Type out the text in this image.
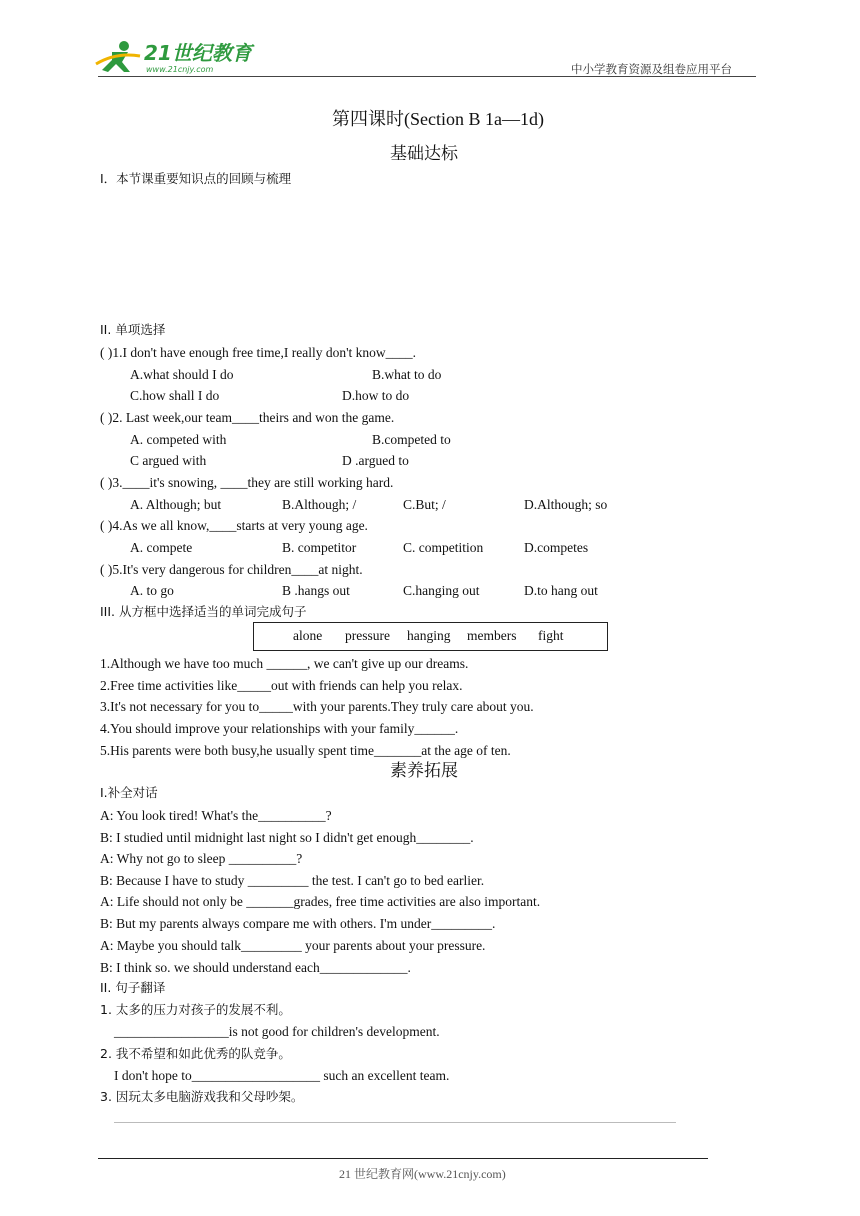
21世纪教育
www.21cnjy.com	中小学教育资源及组卷应用平台
第四课时(Section B 1a—1d)
基础达标
Ⅰ．本节课重要知识点的回顾与梳理
II. 单项选择
( )1.I don't have enough free time,I really don't know____.
A.what should I do	B.what to do
C.how shall I do	D.how to do
( )2. Last week,our team____theirs and won the game.
A. competed with	B.competed to
C argued with	D .argued to
( )3.____it's snowing, ____they are still working hard.
A. Although; but	B.Although; /	C.But; /	D.Although; so
( )4.As we all know,____starts at very young age.
A. compete	B. competitor	C. competition	D.competes
( )5.It's very dangerous for children____at night.
A. to go	B .hangs out	C.hanging out	D.to hang out
III. 从方框中选择适当的单词完成句子
alone pressure hanging members fight
1.Although we have too much ______, we can't give up our dreams.
2.Free time activities like_____out with friends can help you relax.
3.It's not necessary for you to_____with your parents.They truly care about you.
4.You should improve your relationships with your family______.
5.His parents were both busy,he usually spent time_______at the age of ten.
素养拓展
Ⅰ.补全对话
A: You look tired! What's the__________?
B: I studied until midnight last night so I didn't get enough________.
A: Why not go to sleep __________?
B: Because I have to study _________ the test. I can't go to bed earlier.
A: Life should not only be _______grades, free time activities are also important.
B: But my parents always compare me with others. I'm under_________.
A: Maybe you should talk_________ your parents about your pressure.
B: I think so. we should understand each_____________.
II. 句子翻译
1. 太多的压力对孩子的发展不利。
_________________is not good for children's development.
2. 我不希望和如此优秀的队竞争。
I don't hope to___________________ such an excellent team.
3. 因玩太多电脑游戏我和父母吵架。
21 世纪教育网(www.21cnjy.com)
